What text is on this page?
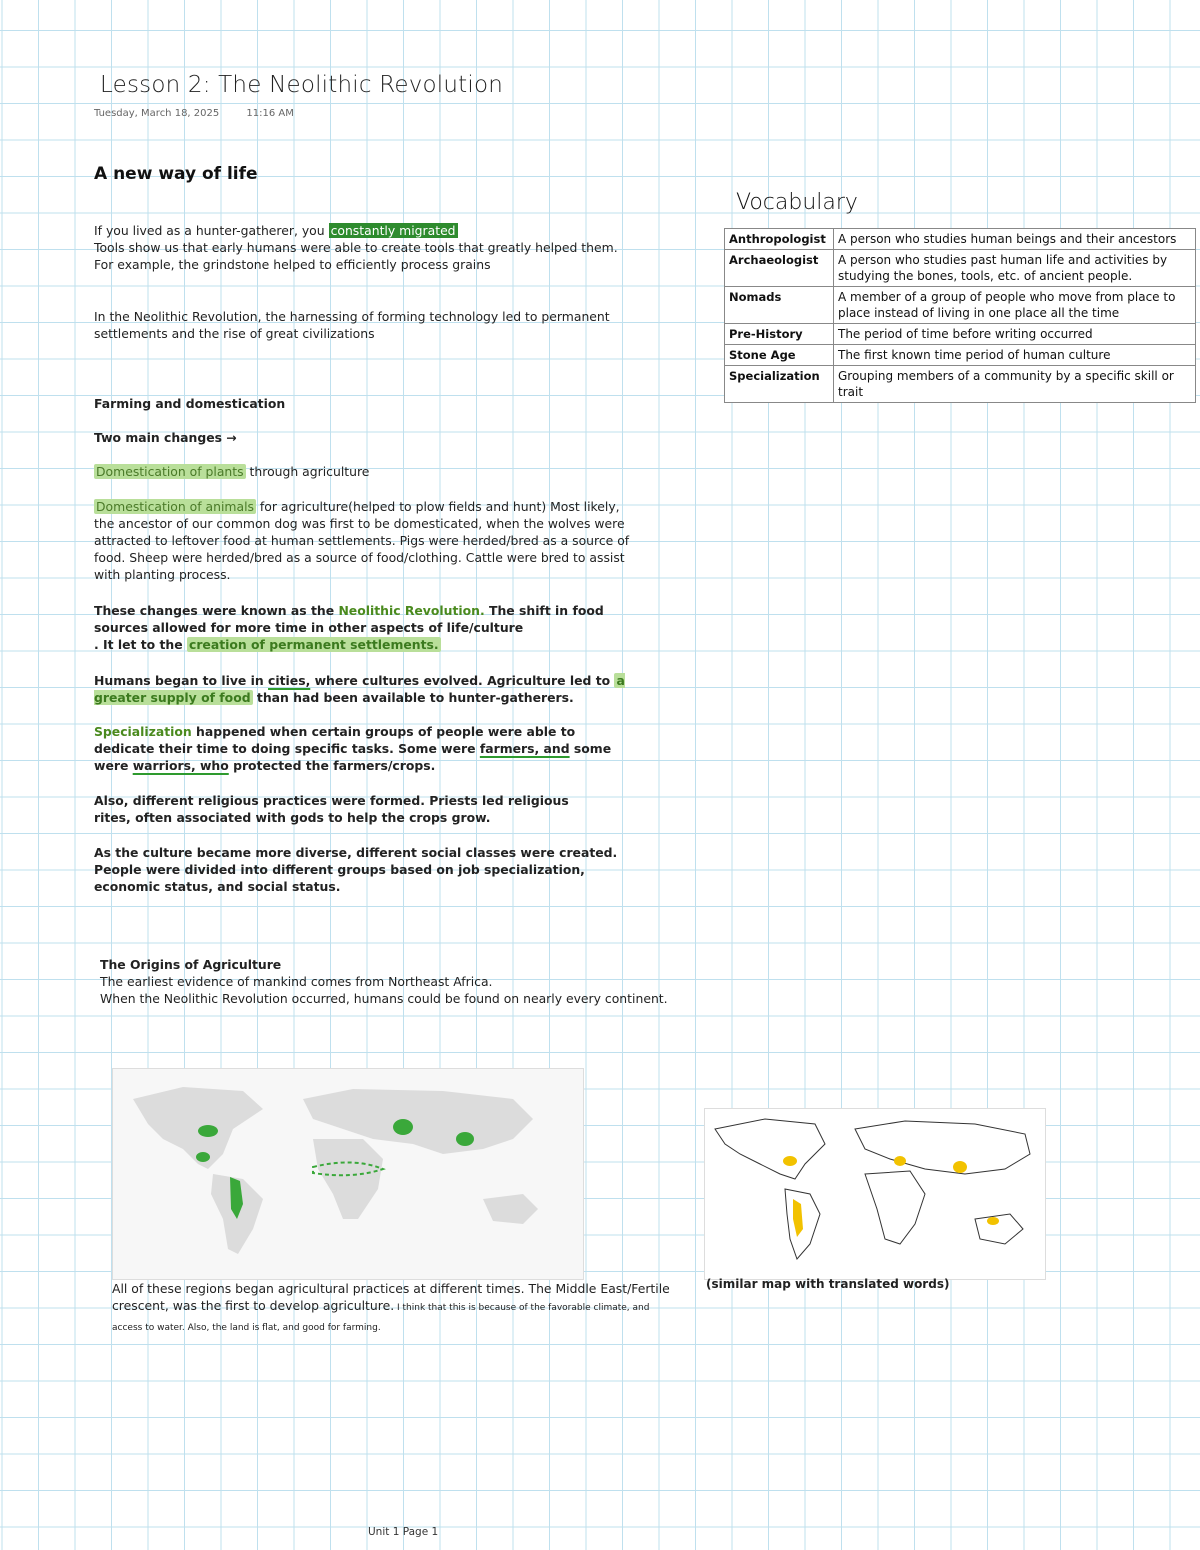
Lesson 2: The Neolithic Revolution
Tuesday, March 18, 2025	11:16 AM
A new way of life
If you lived as a hunter-gatherer, you constantly migrated
Tools show us that early humans were able to create tools that greatly helped them.
For example, the grindstone helped to efficiently process grains
In the Neolithic Revolution, the harnessing of forming technology led to permanent settlements and the rise of great civilizations
Farming and domestication
Two main changes →
Domestication of plants through agriculture
Domestication of animals for agriculture(helped to plow fields and hunt) Most likely, the ancestor of our common dog was first to be domesticated, when the wolves were attracted to leftover food at human settlements. Pigs were herded/bred as a source of food. Sheep were herded/bred as a source of food/clothing. Cattle were bred to assist with planting process.
These changes were known as the Neolithic Revolution. The shift in food sources allowed for more time in other aspects of life/culture
. It let to the creation of permanent settlements.
Humans began to live in cities, where cultures evolved. Agriculture led to a greater supply of food than had been available to hunter-gatherers.
Specialization happened when certain groups of people were able to dedicate their time to doing specific tasks. Some were farmers, and some were warriors, who protected the farmers/crops.
Also, different religious practices were formed. Priests led religious rites, often associated with gods to help the crops grow.
As the culture became more diverse, different social classes were created. People were divided into different groups based on job specialization, economic status, and social status.
Vocabulary
Anthropologist	A person who studies human beings and their ancestors
Archaeologist	A person who studies past human life and activities by studying the bones, tools, etc. of ancient people.
Nomads	A member of a group of people who move from place to place instead of living in one place all the time
Pre-History	The period of time before writing occurred
Stone Age	The first known time period of human culture
Specialization	Grouping members of a community by a specific skill or trait
The Origins of Agriculture
The earliest evidence of mankind comes from Northeast Africa.
When the Neolithic Revolution occurred, humans could be found on nearly every continent.
All of these regions began agricultural practices at different times. The Middle East/Fertile crescent, was the first to develop agriculture. I think that this is because of the favorable climate, and access to water. Also, the land is flat, and good for farming.
(similar map with translated words)
Unit 1 Page 1
